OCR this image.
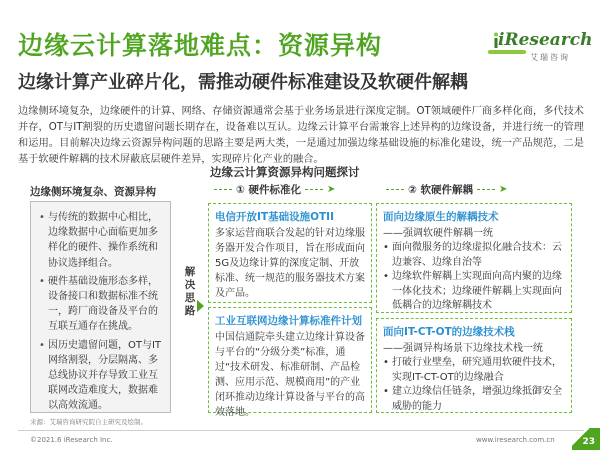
边缘云计算落地难点：资源异构
边缘计算产业碎片化，需推动硬件标准建设及软硬件解耦
iResearch
艾瑞咨询
边缘侧环境复杂，边缘硬件的计算、网络、存储资源通常会基于业务场景进行深度定制。OT领域硬件厂商多样化商，多代技术并存，OT与IT割裂的历史遗留问题长期存在，设备难以互认。边缘云计算平台需兼容上述异构的边缘设备，并进行统一的管理和运用。目前解决边缘云资源异构问题的思路主要是两大类，一是通过加强边缘基础设施的标准化建设，统一产品规范，二是基于软硬件解耦的技术屏蔽底层硬件差异，实现碎片化产业的融合。
边缘云计算资源异构问题探讨
边缘侧环境复杂、资源异构	① 硬件标准化	➤	② 软硬件解耦	➤
• 与传统的数据中心相比，边缘数据中心面临更加多样化的硬件、操作系统和协议选择组合。
• 硬件基础设施形态多样，设备接口和数据标准不统一，跨厂商设备及平台的互联互通存在挑战。
• 因历史遗留问题，OT与IT网络割裂，分层隔离、多总线协议并存导致工业互联网改造难度大，数据难以高效流通。
解决思路
电信开放IT基础设施OTII
多家运营商联合发起的针对边缘服务器开发合作项目，旨在形成面向5G及边缘计算的深度定制、开放标准、统一规范的服务器技术方案及产品。
工业互联网边缘计算标准件计划
中国信通院牵头建立边缘计算设备与平台的“分级分类”标准，通过“技术研发、标准研制、产品检测、应用示范、规模商用”的产业闭环推动边缘计算设备与平台的高效落地。
面向边缘原生的解耦技术
——强调软硬件解耦一统
• 面向微服务的边缘虚拟化融合技术：云边兼容、边缘自治等
• 边缘软件解耦上实现面向高内聚的边缘一体化技术；边缘硬件解耦上实现面向低耦合的边缘解耦技术
面向IT-CT-OT的边缘技术栈
——强调异构场景下边缘技术栈一统
• 打破行业壁垒，研究通用软硬件技术，实现IT-CT-OT的边缘融合
• 建立边缘信任链条，增强边缘抵御安全威胁的能力
来源：艾瑞咨询研究院自主研究及绘制。
©2021.6 iResearch Inc.	www.iresearch.com.cn	23
